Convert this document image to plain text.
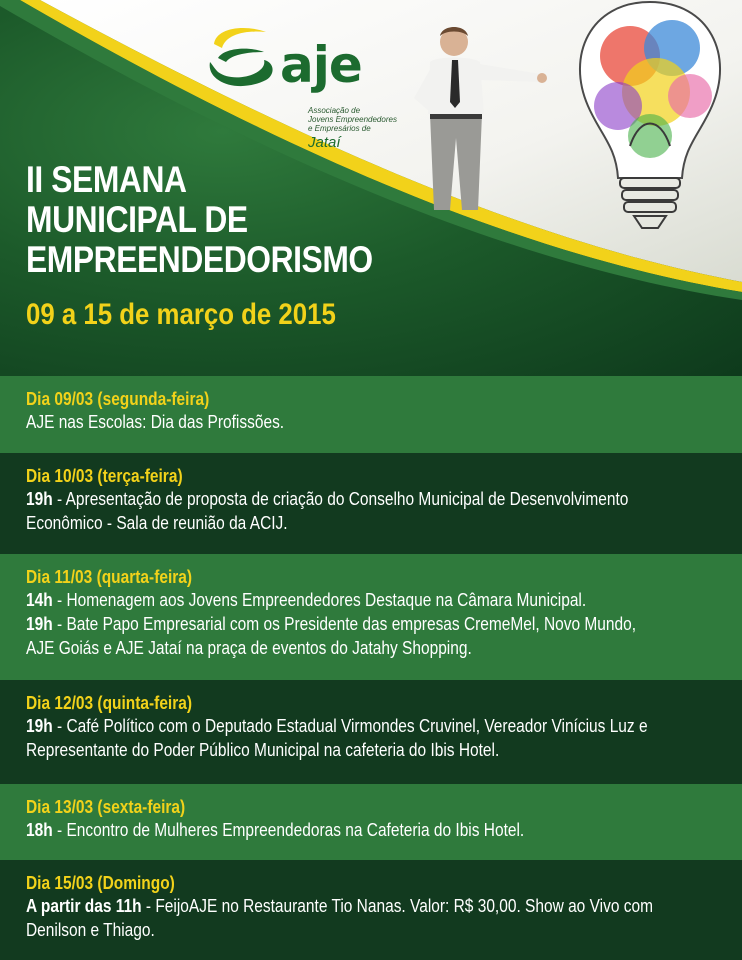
aje
Associação de
Jovens Empreendedores
e Empresários de
Jataí
II SEMANA
MUNICIPAL DE
EMPREENDEDORISMO
09 a 15 de março de 2015
Dia 09/03 (segunda-feira)
AJE nas Escolas: Dia das Profissões.
Dia 10/03 (terça-feira)
19h - Apresentação de proposta de criação do Conselho Municipal de Desenvolvimento
Econômico - Sala de reunião da ACIJ.
Dia 11/03 (quarta-feira)
14h - Homenagem aos Jovens Empreendedores Destaque na Câmara Municipal.
19h - Bate Papo Empresarial com os Presidente das empresas CremeMel, Novo Mundo,
AJE Goiás e AJE Jataí na praça de eventos do Jatahy Shopping.
Dia 12/03 (quinta-feira)
19h - Café Político com o Deputado Estadual Virmondes Cruvinel, Vereador Vinícius Luz e
Representante do Poder Público Municipal na cafeteria do Ibis Hotel.
Dia 13/03 (sexta-feira)
18h - Encontro de Mulheres Empreendedoras na Cafeteria do Ibis Hotel.
Dia 15/03 (Domingo)
A partir das 11h - FeijoAJE no Restaurante Tio Nanas. Valor: R$ 30,00. Show ao Vivo com
Denilson e Thiago.
